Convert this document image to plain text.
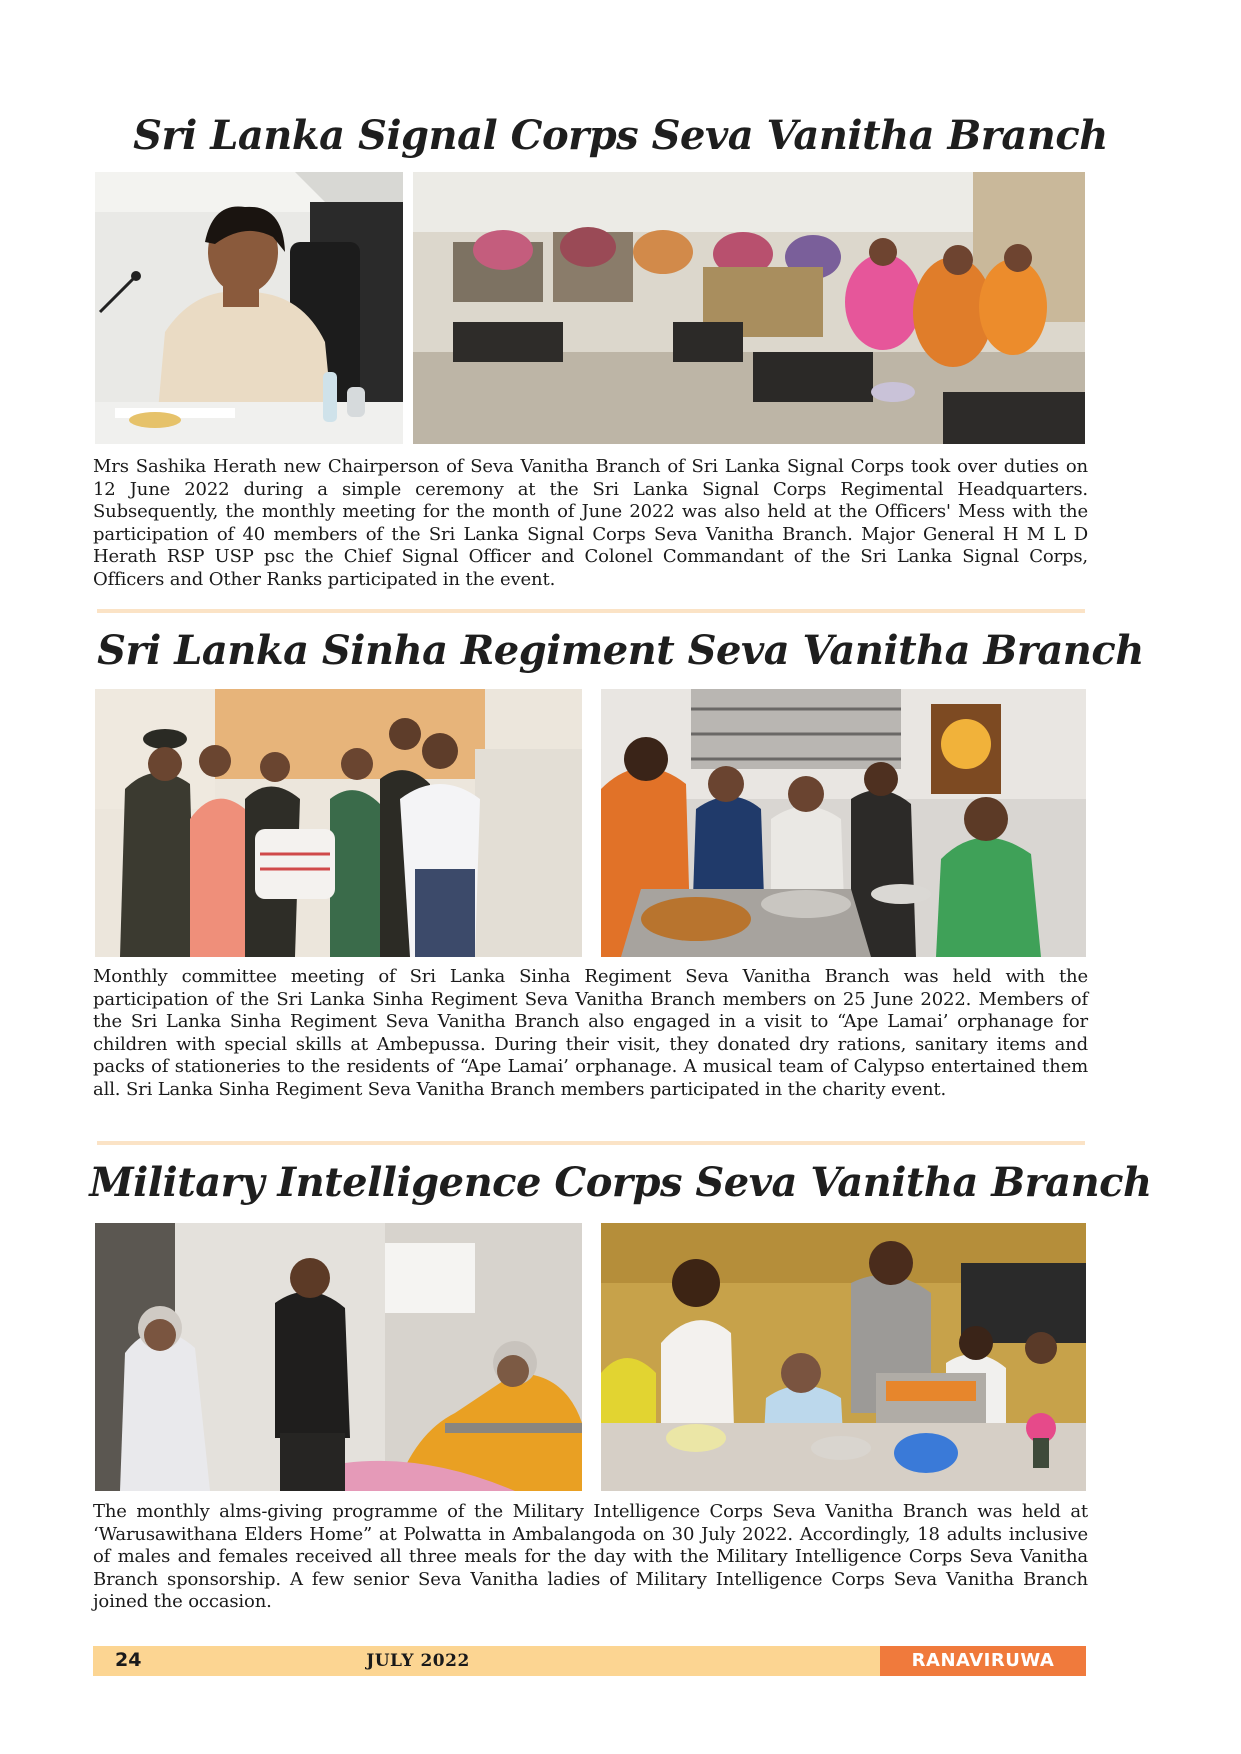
Sri Lanka Signal Corps Seva Vanitha Branch

Mrs Sashika Herath new Chairperson of Seva Vanitha Branch of Sri Lanka Signal Corps took over duties on 12 June 2022 during a simple ceremony at the Sri Lanka Signal Corps Regimental Headquarters. Subsequently, the monthly meeting for the month of June 2022 was also held at the Officers' Mess with the participation of 40 members of the Sri Lanka Signal Corps Seva Vanitha Branch. Major General H M L D Herath RSP USP psc the Chief Signal Officer and Colonel Commandant of the Sri Lanka Signal Corps, Officers and Other Ranks participated in the event.

Sri Lanka Sinha Regiment Seva Vanitha Branch

Monthly committee meeting of Sri Lanka Sinha Regiment Seva Vanitha Branch was held with the participation of the Sri Lanka Sinha Regiment Seva Vanitha Branch members on 25 June 2022. Members of the Sri Lanka Sinha Regiment Seva Vanitha Branch also engaged in a visit to “Ape Lamai’ orphanage for children with special skills at Ambepussa. During their visit, they donated dry rations, sanitary items and packs of stationeries to the residents of “Ape Lamai’ orphanage. A musical team of Calypso entertained them all. Sri Lanka Sinha Regiment Seva Vanitha Branch members participated in the charity event.

Military Intelligence Corps Seva Vanitha Branch

The monthly alms-giving programme of the Military Intelligence Corps Seva Vanitha Branch was held at ‘Warusawithana Elders Home” at Polwatta in Ambalangoda on 30 July 2022. Accordingly, 18 adults inclusive of males and females received all three meals for the day with the Military Intelligence Corps Seva Vanitha Branch sponsorship. A few senior Seva Vanitha ladies of Military Intelligence Corps Seva Vanitha Branch joined the occasion.

24	JULY 2022	RANAVIRUWA
